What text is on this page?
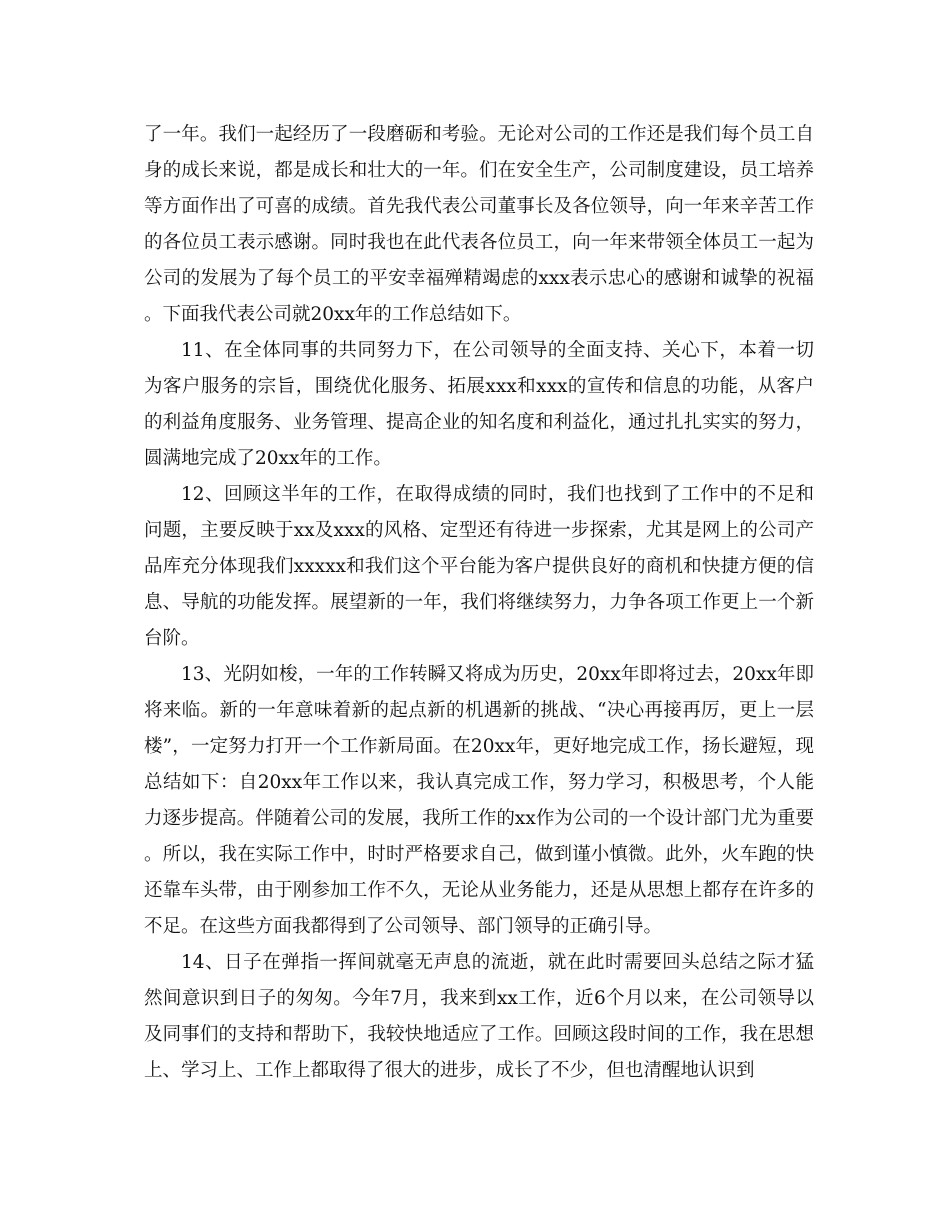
了一年。我们一起经历了一段磨砺和考验。无论对公司的工作还是我们每个员工自身的成长来说，都是成长和壮大的一年。们在安全生产，公司制度建设，员工培养等方面作出了可喜的成绩。首先我代表公司董事长及各位领导，向一年来辛苦工作的各位员工表示感谢。同时我也在此代表各位员工，向一年来带领全体员工一起为公司的发展为了每个员工的平安幸福殚精竭虑的xxx表示忠心的感谢和诚挚的祝福。下面我代表公司就20xx年的工作总结如下。

11、在全体同事的共同努力下，在公司领导的全面支持、关心下，本着一切为客户服务的宗旨，围绕优化服务、拓展xxx和xxx的宣传和信息的功能，从客户的利益角度服务、业务管理、提高企业的知名度和利益化，通过扎扎实实的努力，圆满地完成了20xx年的工作。

12、回顾这半年的工作，在取得成绩的同时，我们也找到了工作中的不足和问题，主要反映于xx及xxx的风格、定型还有待进一步探索，尤其是网上的公司产品库充分体现我们xxxxx和我们这个平台能为客户提供良好的商机和快捷方便的信息、导航的功能发挥。展望新的一年，我们将继续努力，力争各项工作更上一个新台阶。

13、光阴如梭，一年的工作转瞬又将成为历史，20xx年即将过去，20xx年即将来临。新的一年意味着新的起点新的机遇新的挑战、“决心再接再厉，更上一层楼”，一定努力打开一个工作新局面。在20xx年，更好地完成工作，扬长避短，现总结如下：自20xx年工作以来，我认真完成工作，努力学习，积极思考，个人能力逐步提高。伴随着公司的发展，我所工作的xx作为公司的一个设计部门尤为重要。所以，我在实际工作中，时时严格要求自己，做到谨小慎微。此外，火车跑的快还靠车头带，由于刚参加工作不久，无论从业务能力，还是从思想上都存在许多的不足。在这些方面我都得到了公司领导、部门领导的正确引导。

14、日子在弹指一挥间就毫无声息的流逝，就在此时需要回头总结之际才猛然间意识到日子的匆匆。今年7月，我来到xx工作，近6个月以来，在公司领导以及同事们的支持和帮助下，我较快地适应了工作。回顾这段时间的工作，我在思想上、学习上、工作上都取得了很大的进步，成长了不少，但也清醒地认识到
